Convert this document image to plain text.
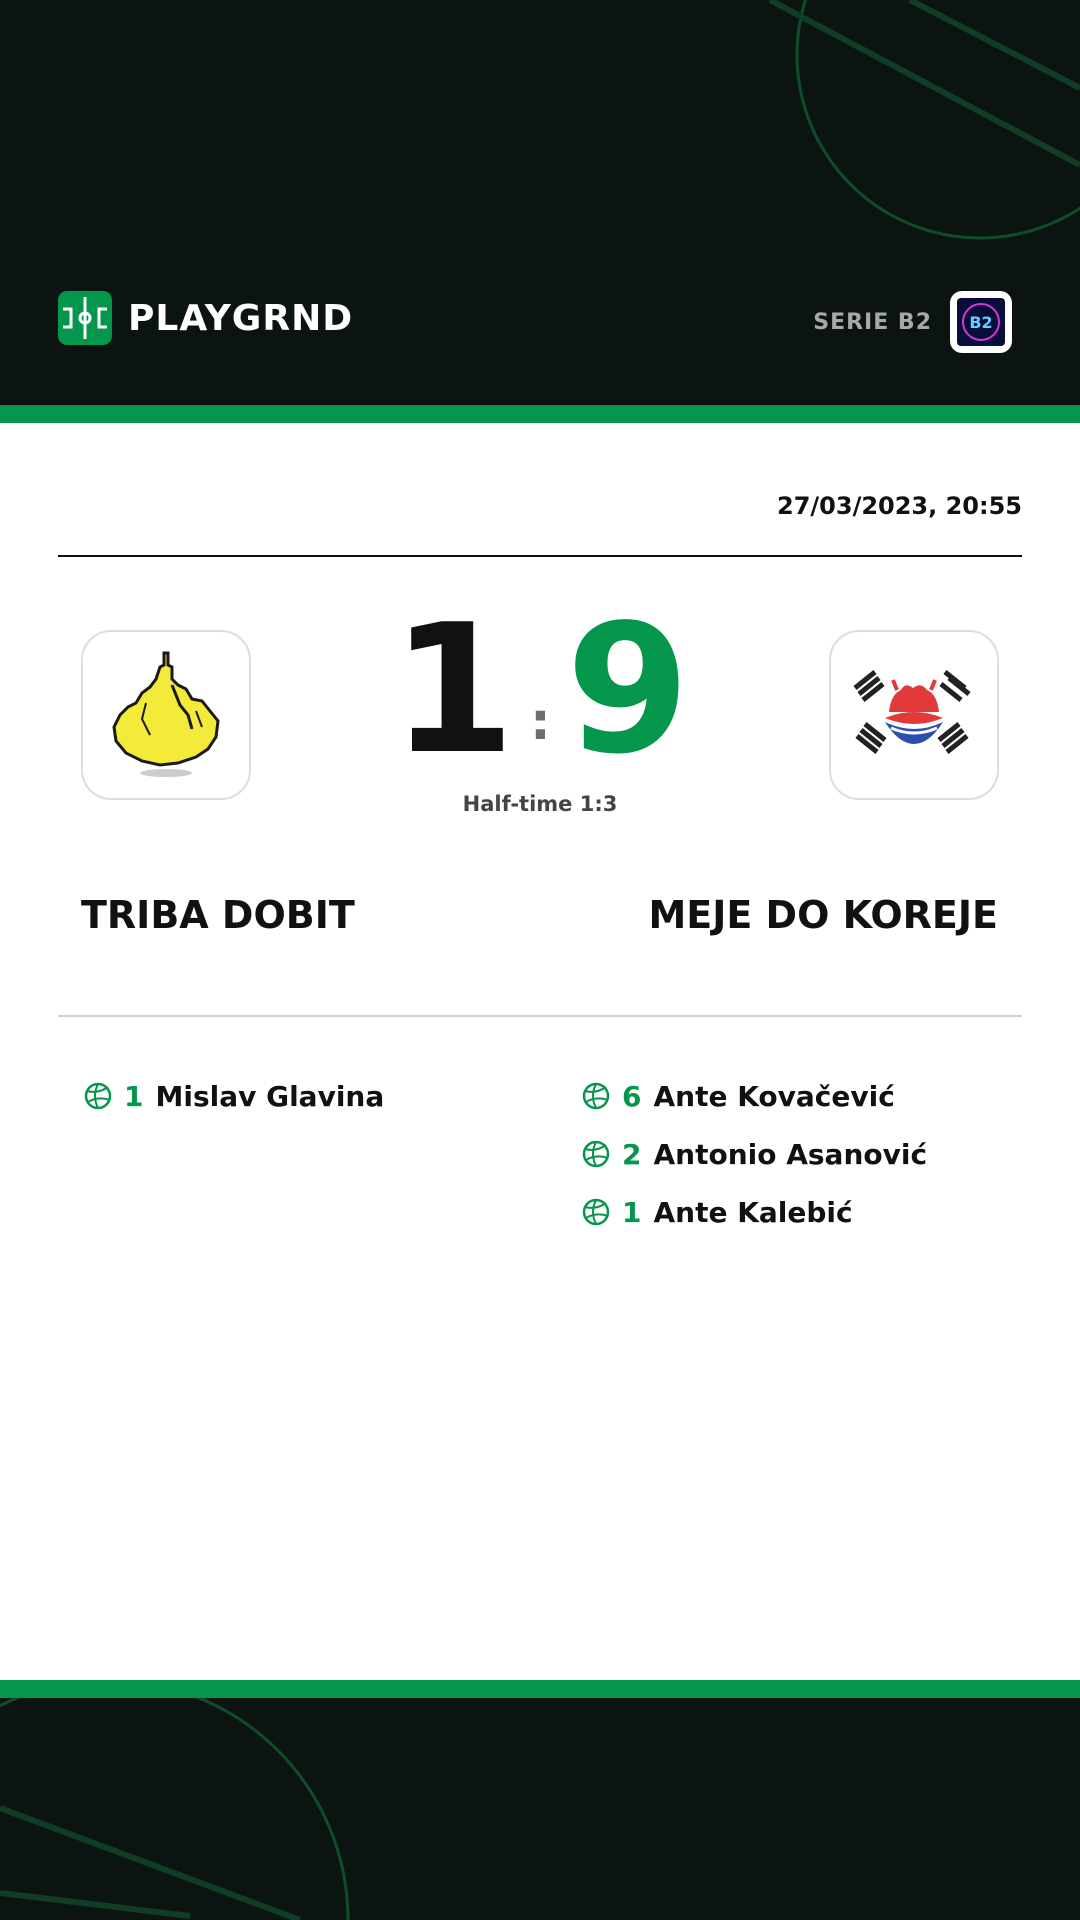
PLAYGRND	SERIE B2 B2
27/03/2023, 20:55
1 : 9
Half-time 1:3
TRIBA DOBIT	MEJE DO KOREJE
1 Mislav Glavina	6 Ante Kovačević
2 Antonio Asanović
1 Ante Kalebić
